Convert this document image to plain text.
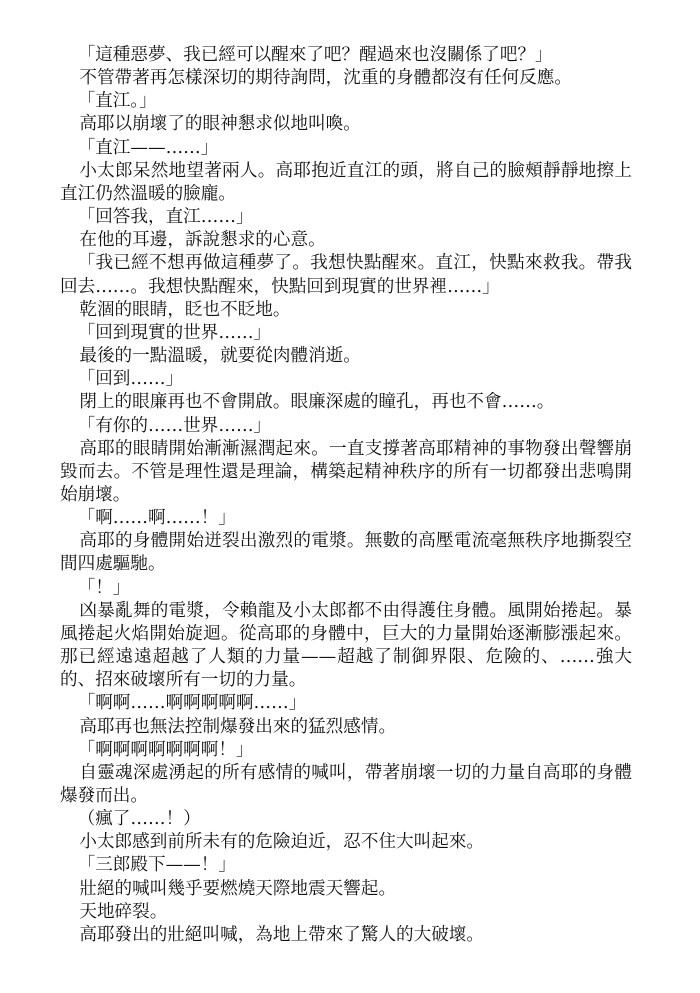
「這種惡夢、我已經可以醒來了吧？醒過來也沒關係了吧？」

不管帶著再怎樣深切的期待詢問，沈重的身體都沒有任何反應。

「直江。」

高耶以崩壞了的眼神懇求似地叫喚。

「直江——……」

小太郎呆然地望著兩人。高耶抱近直江的頭，將自己的臉頰靜靜地擦上直江仍然溫暖的臉龐。

「回答我，直江……」

在他的耳邊，訴說懇求的心意。

「我已經不想再做這種夢了。我想快點醒來。直江，快點來救我。帶我回去……。我想快點醒來，快點回到現實的世界裡……」

乾涸的眼睛，眨也不眨地。

「回到現實的世界……」

最後的一點溫暖，就要從肉體消逝。

「回到……」

閉上的眼廉再也不會開啟。眼廉深處的瞳孔，再也不會……。

「有你的……世界……」

高耶的眼睛開始漸漸濕潤起來。一直支撐著高耶精神的事物發出聲響崩毀而去。不管是理性還是理論，構築起精神秩序的所有一切都發出悲鳴開始崩壞。

「啊……啊……！」

高耶的身體開始迸裂出激烈的電漿。無數的高壓電流毫無秩序地撕裂空間四處驅馳。

「！」

凶暴亂舞的電漿，令賴龍及小太郎都不由得護住身體。風開始捲起。暴風捲起火焰開始旋迴。從高耶的身體中，巨大的力量開始逐漸膨漲起來。那已經遠遠超越了人類的力量——超越了制御界限、危險的、……強大的、招來破壞所有一切的力量。

「啊啊……啊啊啊啊啊……」

高耶再也無法控制爆發出來的猛烈感情。

「啊啊啊啊啊啊啊！」

自靈魂深處湧起的所有感情的喊叫，帶著崩壞一切的力量自高耶的身體爆發而出。

（瘋了……！）

小太郎感到前所未有的危險迫近，忍不住大叫起來。

「三郎殿下——！」

壯絕的喊叫幾乎要燃燒天際地震天響起。

天地碎裂。

高耶發出的壯絕叫喊，為地上帶來了驚人的大破壞。
